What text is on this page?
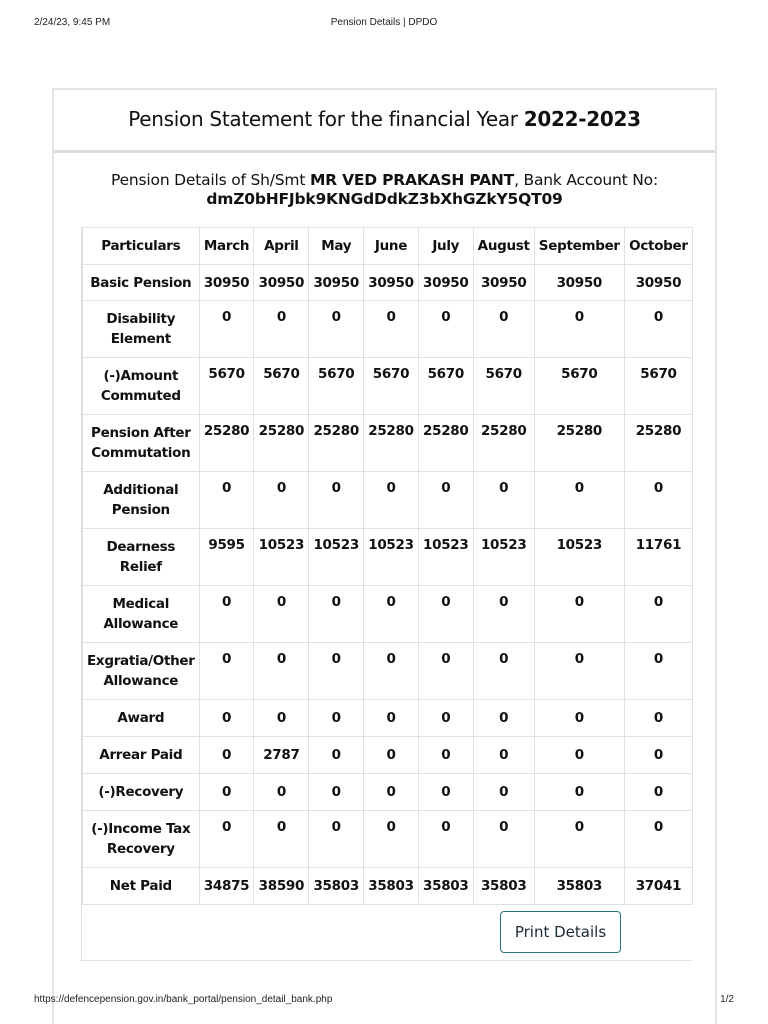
2/24/23, 9:45 PM	Pension Details | DPDO
Pension Statement for the financial Year 2022-2023
Pension Details of Sh/Smt MR VED PRAKASH PANT, Bank Account No:
dmZ0bHFJbk9KNGdDdkZ3bXhGZkY5QT09
Particulars	March	April	May	June	July	August	September	October
Basic Pension	30950	30950	30950	30950	30950	30950	30950	30950
Disability Element	0	0	0	0	0	0	0	0
(-)Amount Commuted	5670	5670	5670	5670	5670	5670	5670	5670
Pension After Commutation	25280	25280	25280	25280	25280	25280	25280	25280
Additional Pension	0	0	0	0	0	0	0	0
Dearness Relief	9595	10523	10523	10523	10523	10523	10523	11761
Medical Allowance	0	0	0	0	0	0	0	0
Exgratia/Other Allowance	0	0	0	0	0	0	0	0
Award	0	0	0	0	0	0	0	0
Arrear Paid	0	2787	0	0	0	0	0	0
(-)Recovery	0	0	0	0	0	0	0	0
(-)Income Tax Recovery	0	0	0	0	0	0	0	0
Net Paid	34875	38590	35803	35803	35803	35803	35803	37041
Print Details
https://defencepension.gov.in/bank_portal/pension_detail_bank.php	1/2
